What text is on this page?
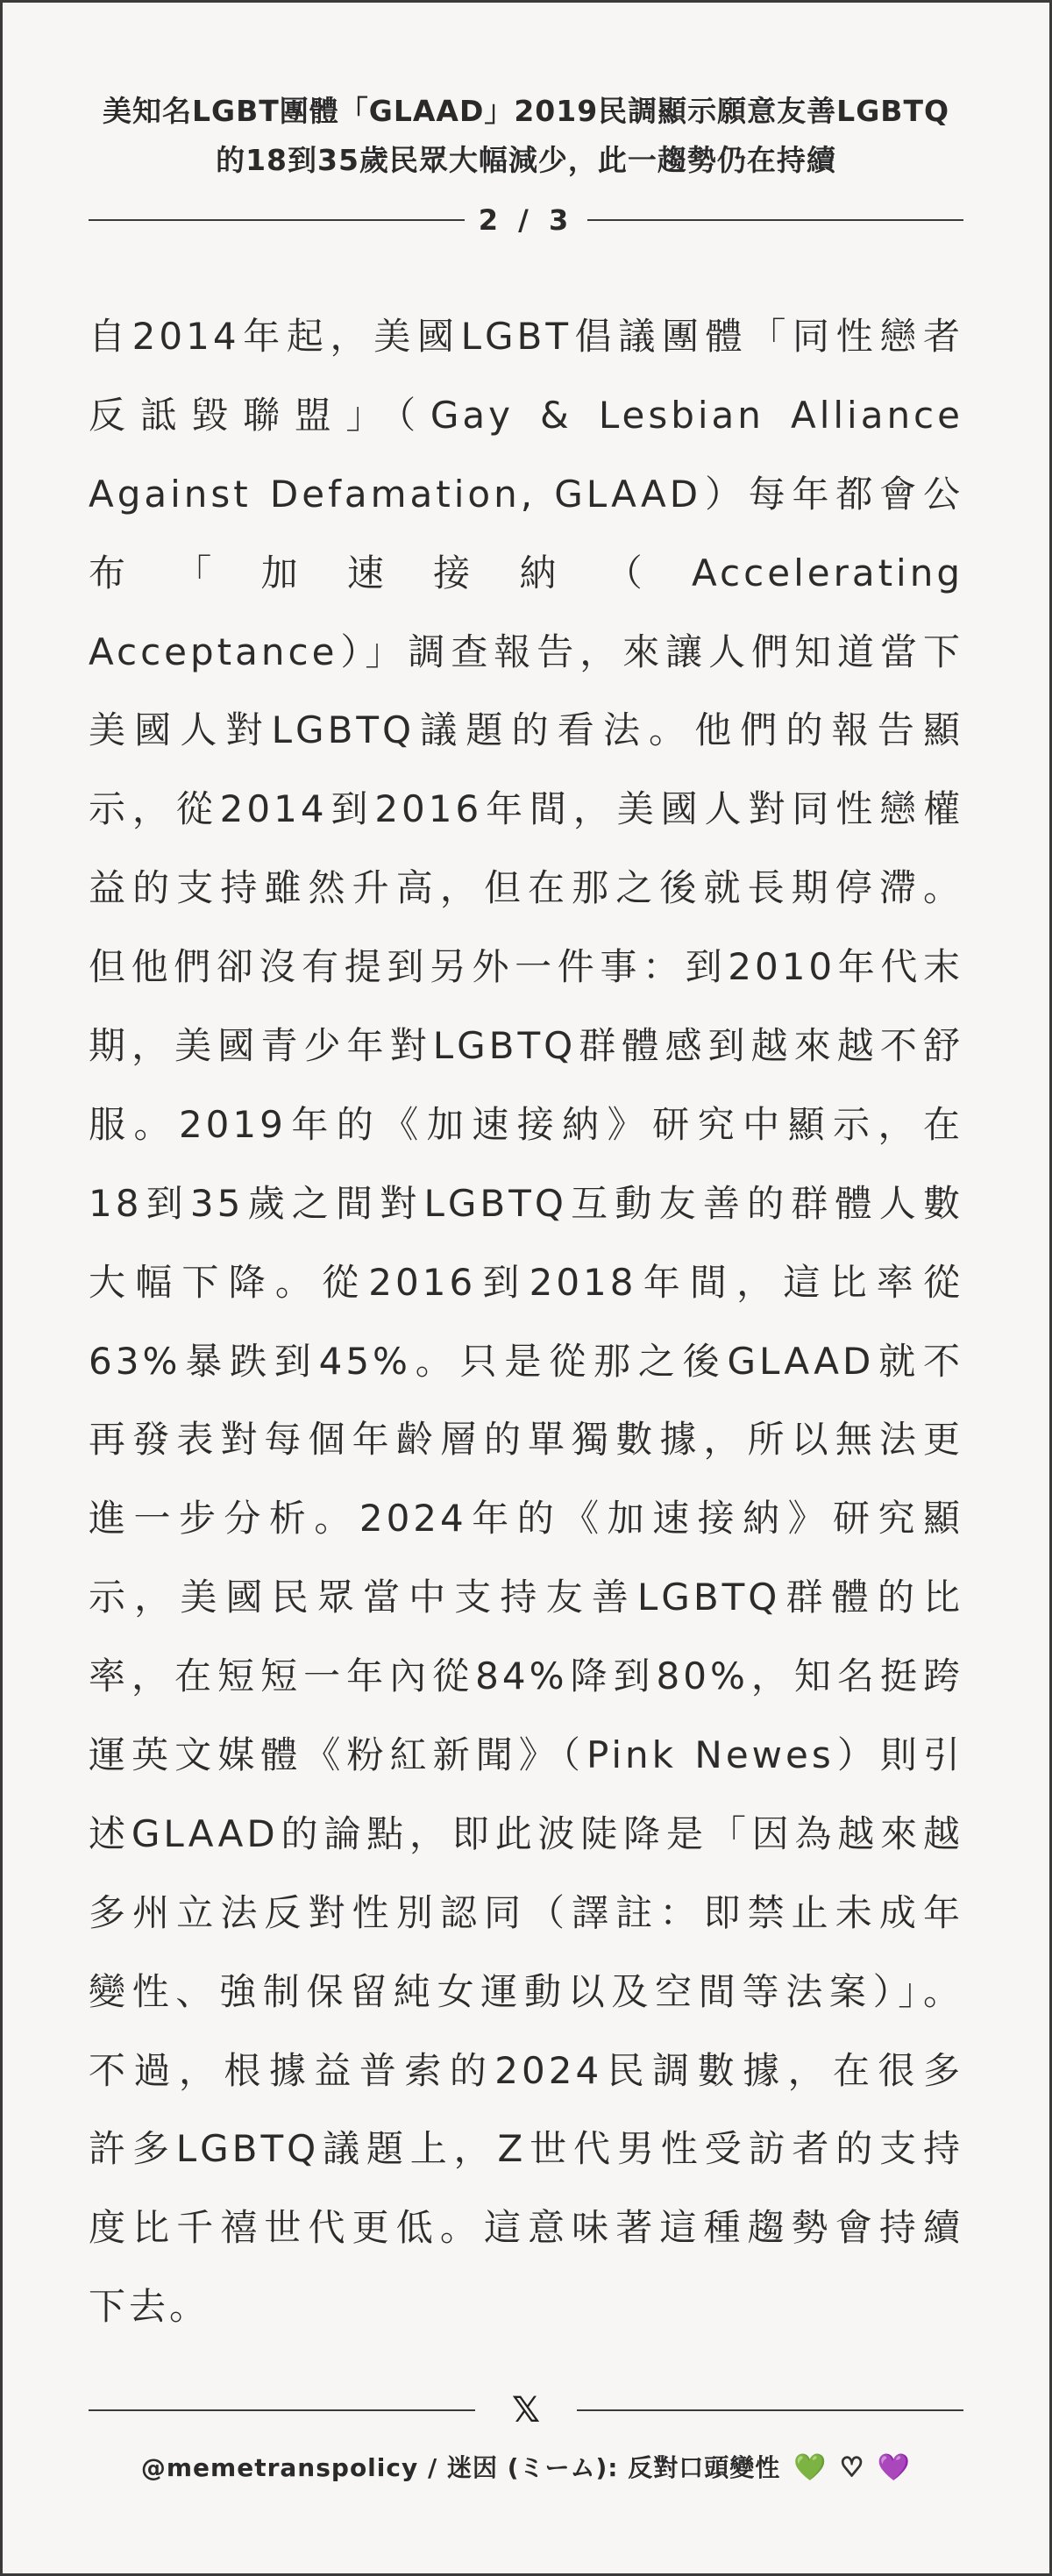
美知名LGBT團體「GLAAD」2019民調顯示願意友善LGBTQ
的18到35歲民眾大幅減少，此一趨勢仍在持續
2 / 3
自2014年起，美國LGBT倡議團體「同性戀者
反詆毀聯盟」（Gay & Lesbian Alliance
Against Defamation, GLAAD）每年都會公
布 「 加 速 接 納 （ Accelerating
Acceptance）」調查報告，來讓人們知道當下
美國人對LGBTQ議題的看法。他們的報告顯
示，從2014到2016年間，美國人對同性戀權
益的支持雖然升高，但在那之後就長期停滯。
但他們卻沒有提到另外一件事：到2010年代末
期，美國青少年對LGBTQ群體感到越來越不舒
服。2019年的《加速接納》研究中顯示，在
18到35歲之間對LGBTQ互動友善的群體人數
大幅下降。從2016到2018年間，這比率從
63%暴跌到45%。只是從那之後GLAAD就不
再發表對每個年齡層的單獨數據，所以無法更
進一步分析。2024年的《加速接納》研究顯
示，美國民眾當中支持友善LGBTQ群體的比
率，在短短一年內從84%降到80%，知名挺跨
運英文媒體《粉紅新聞》（Pink Newes）則引
述GLAAD的論點，即此波陡降是「因為越來越
多州立法反對性別認同（譯註：即禁止未成年
變性、強制保留純女運動以及空間等法案）」。
不過，根據益普索的2024民調數據，在很多
許多LGBTQ議題上，Z世代男性受訪者的支持
度比千禧世代更低。這意味著這種趨勢會持續
下去。
𝕏
@memetranspolicy / 迷因 (ミーム): 反對口頭變性 💚 ♡ 💜
